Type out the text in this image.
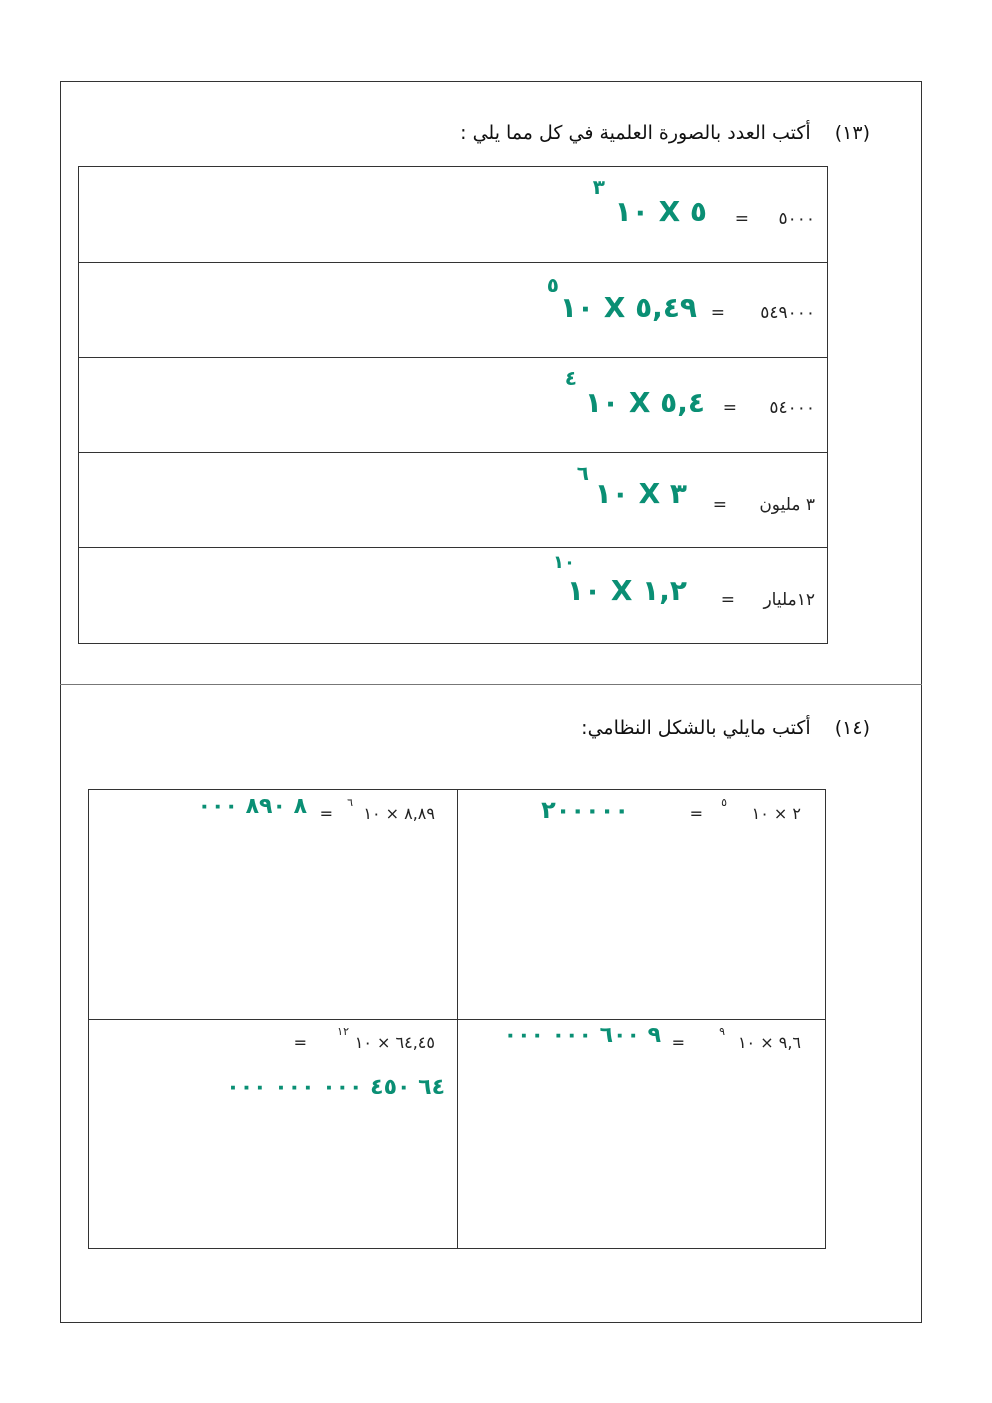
(١٣) أكتب العدد بالصورة العلمية في كل مما يلي :
٥٠٠٠
=
٥ X ١٠
٣
٥٤٩٠٠٠
=
٥,٤٩ X ١٠
٥
٥٤٠٠٠
=
٥,٤ X ١٠
٤
٣ مليون
=
٣ X ١٠
٦
١٢مليار
=
١,٢ X ١٠
١٠
(١٤) أكتب مايلي بالشكل النظامي:
٢ × ١٠
٥
=
٢٠٠٠٠٠
٨,٨٩ × ١٠
٦
=
٨ ٨٩٠ ٠٠٠
٩,٦ × ١٠
٩
=
٩ ٦٠٠ ٠٠٠ ٠٠٠
٦٤,٤٥ × ١٠
١٢
=
٦٤ ٤٥٠ ٠٠٠ ٠٠٠ ٠٠٠
